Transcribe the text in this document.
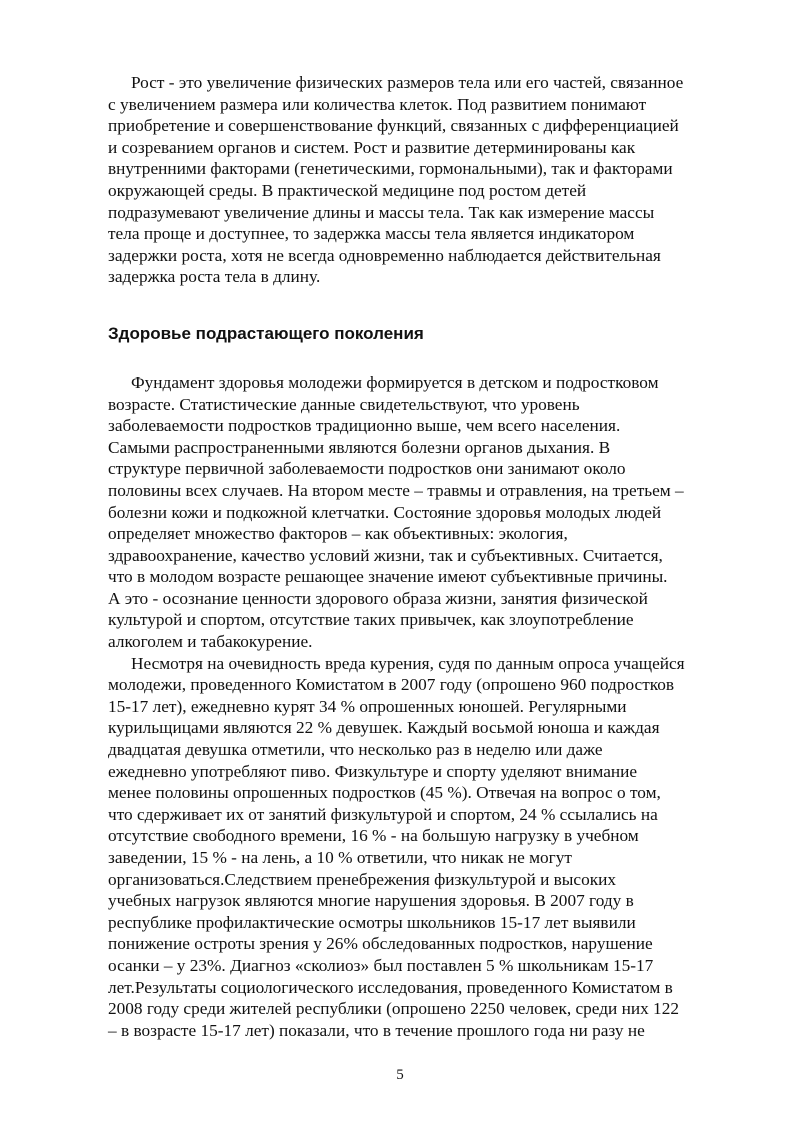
Рост - это увеличение физических размеров тела или его частей, связанное
с увеличением размера или количества клеток. Под развитием понимают
приобретение и совершенствование функций, связанных с дифференциацией
и созреванием органов и систем. Рост и развитие детерминированы как
внутренними факторами (генетическими, гормональными), так и факторами
окружающей среды. В практической медицине под ростом детей
подразумевают увеличение длины и массы тела. Так как измерение массы
тела проще и доступнее, то задержка массы тела является индикатором
задержки роста, хотя не всегда одновременно наблюдается действительная
задержка роста тела в длину.
Здоровье подрастающего поколения
Фундамент здоровья молодежи формируется в детском и подростковом
возрасте. Статистические данные свидетельствуют, что уровень
заболеваемости подростков традиционно выше, чем всего населения.
Самыми распространенными являются болезни органов дыхания. В
структуре первичной заболеваемости подростков они занимают около
половины всех случаев. На втором месте – травмы и отравления, на третьем –
болезни кожи и подкожной клетчатки. Состояние здоровья молодых людей
определяет множество факторов – как объективных: экология,
здравоохранение, качество условий жизни, так и субъективных. Считается,
что в молодом возрасте решающее значение имеют субъективные причины.
А это - осознание ценности здорового образа жизни, занятия физической
культурой и спортом, отсутствие таких привычек, как злоупотребление
алкоголем и табакокурение.
Несмотря на очевидность вреда курения, судя по данным опроса учащейся
молодежи, проведенного Комистатом в 2007 году (опрошено 960 подростков
15-17 лет), ежедневно курят 34 % опрошенных юношей. Регулярными
курильщицами являются 22 % девушек. Каждый восьмой юноша и каждая
двадцатая девушка отметили, что несколько раз в неделю или даже
ежедневно употребляют пиво. Физкультуре и спорту уделяют внимание
менее половины опрошенных подростков (45 %). Отвечая на вопрос о том,
что сдерживает их от занятий физкультурой и спортом, 24 % ссылались на
отсутствие свободного времени, 16 % - на большую нагрузку в учебном
заведении, 15 % - на лень, а 10 % ответили, что никак не могут
организоваться.Следствием пренебрежения физкультурой и высоких
учебных нагрузок являются многие нарушения здоровья. В 2007 году в
республике профилактические осмотры школьников 15-17 лет выявили
понижение остроты зрения у 26% обследованных подростков, нарушение
осанки – у 23%. Диагноз «сколиоз» был поставлен 5 % школьникам 15-17
лет.Результаты социологического исследования, проведенного Комистатом в
2008 году среди жителей республики (опрошено 2250 человек, среди них 122
– в возрасте 15-17 лет) показали, что в течение прошлого года ни разу не
5
